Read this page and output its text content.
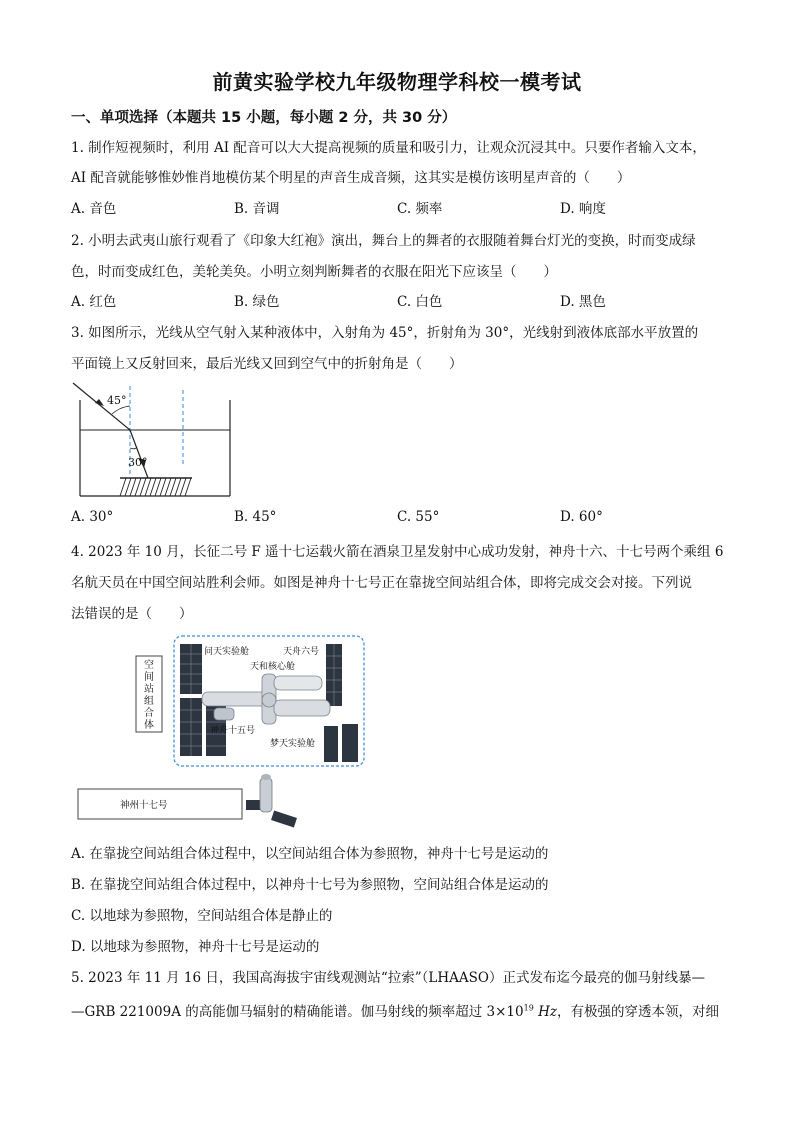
前黄实验学校九年级物理学科校一模考试
一、单项选择（本题共 15 小题，每小题 2 分，共 30 分）
1. 制作短视频时，利用 AI 配音可以大大提高视频的质量和吸引力，让观众沉浸其中。只要作者输入文本，
AI 配音就能够惟妙惟肖地模仿某个明星的声音生成音频，这其实是模仿该明星声音的（　　）
A. 音色	B. 音调	C. 频率	D. 响度
2. 小明去武夷山旅行观看了《印象大红袍》演出，舞台上的舞者的衣服随着舞台灯光的变换，时而变成绿
色，时而变成红色，美轮美奂。小明立刻判断舞者的衣服在阳光下应该呈（　　）
A. 红色	B. 绿色	C. 白色	D. 黑色
3. 如图所示，光线从空气射入某种液体中，入射角为 45°，折射角为 30°，光线射到液体底部水平放置的
平面镜上又反射回来，最后光线又回到空气中的折射角是（　　）
45°
30°
A. 30°	B. 45°	C. 55°	D. 60°
4. 2023 年 10 月，长征二号 F 遥十七运载火箭在酒泉卫星发射中心成功发射，神舟十六、十七号两个乘组 6
名航天员在中国空间站胜利会师。如图是神舟十七号正在靠拢空间站组合体，即将完成交会对接。下列说
法错误的是（　　）
空间站组合体
问天实验舱	天舟六号
天和核心舱
神舟十五号
梦天实验舱
神州十七号
A. 在靠拢空间站组合体过程中，以空间站组合体为参照物，神舟十七号是运动的
B. 在靠拢空间站组合体过程中，以神舟十七号为参照物，空间站组合体是运动的
C. 以地球为参照物，空间站组合体是静止的
D. 以地球为参照物，神舟十七号是运动的
5. 2023 年 11 月 16 日，我国高海拔宇宙线观测站“拉索”（LHAASO）正式发布迄今最亮的伽马射线暴—
—GRB 221009A 的高能伽马辐射的精确能谱。伽马射线的频率超过 $3\times 10^{19}$ Hz，有极强的穿透本领，对细
